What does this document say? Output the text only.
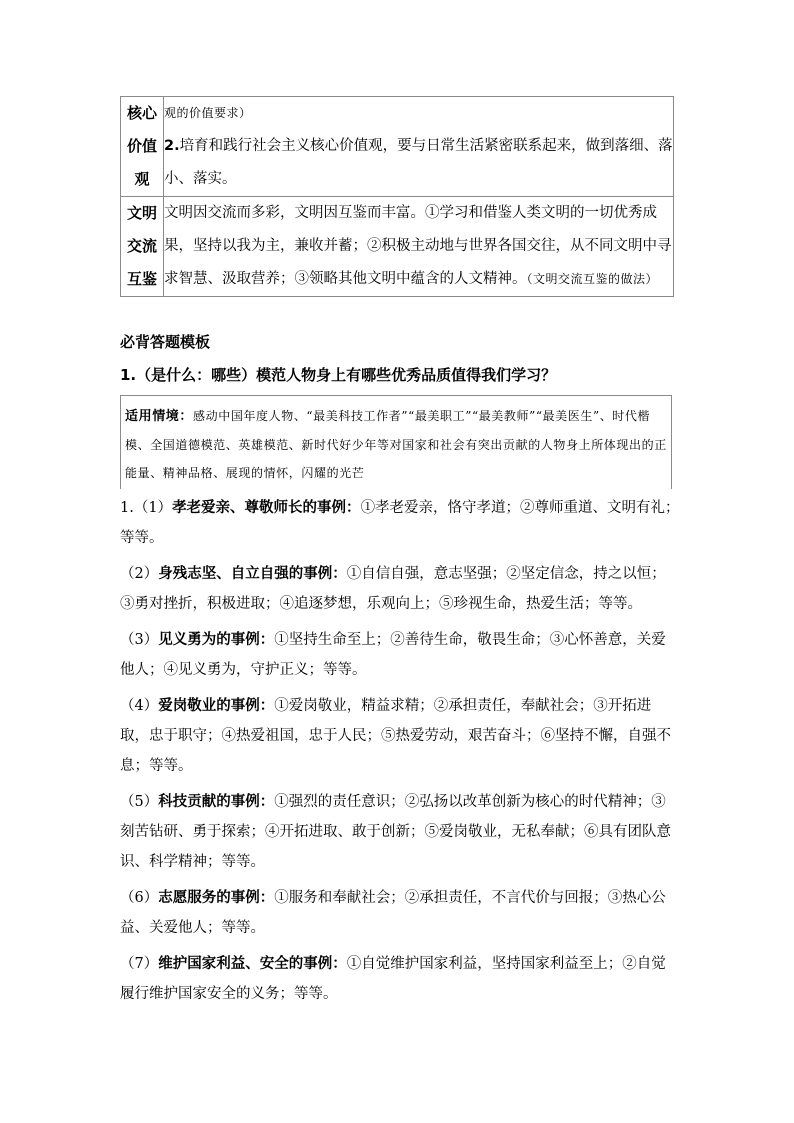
核心价值观	观的价值要求）
2.培育和践行社会主义核心价值观，要与日常生活紧密联系起来，做到落细、落小、落实。
文明交流互鉴	文明因交流而多彩，文明因互鉴而丰富。①学习和借鉴人类文明的一切优秀成果，坚持以我为主，兼收并蓄；②积极主动地与世界各国交往，从不同文明中寻求智慧、汲取营养；③领略其他文明中蕴含的人文精神。（文明交流互鉴的做法）
必背答题模板
1.（是什么：哪些）模范人物身上有哪些优秀品质值得我们学习？
适用情境：感动中国年度人物、“最美科技工作者”“最美职工”“最美教师”“最美医生”、时代楷模、全国道德模范、英雄模范、新时代好少年等对国家和社会有突出贡献的人物身上所体现出的正能量、精神品格、展现的情怀，闪耀的光芒
1.（1）孝老爱亲、尊敬师长的事例：①孝老爱亲，恪守孝道；②尊师重道、文明有礼；等等。
（2）身残志坚、自立自强的事例：①自信自强，意志坚强；②坚定信念，持之以恒；③勇对挫折，积极进取；④追逐梦想，乐观向上；⑤珍视生命，热爱生活；等等。
（3）见义勇为的事例：①坚持生命至上；②善待生命，敬畏生命；③心怀善意，关爱他人；④见义勇为，守护正义；等等。
（4）爱岗敬业的事例：①爱岗敬业，精益求精；②承担责任，奉献社会；③开拓进取，忠于职守；④热爱祖国，忠于人民；⑤热爱劳动，艰苦奋斗；⑥坚持不懈，自强不息；等等。
（5）科技贡献的事例：①强烈的责任意识；②弘扬以改革创新为核心的时代精神；③刻苦钻研、勇于探索；④开拓进取、敢于创新；⑤爱岗敬业，无私奉献；⑥具有团队意识、科学精神；等等。
（6）志愿服务的事例：①服务和奉献社会；②承担责任，不言代价与回报；③热心公益、关爱他人；等等。
（7）维护国家利益、安全的事例：①自觉维护国家利益，坚持国家利益至上；②自觉履行维护国家安全的义务；等等。
